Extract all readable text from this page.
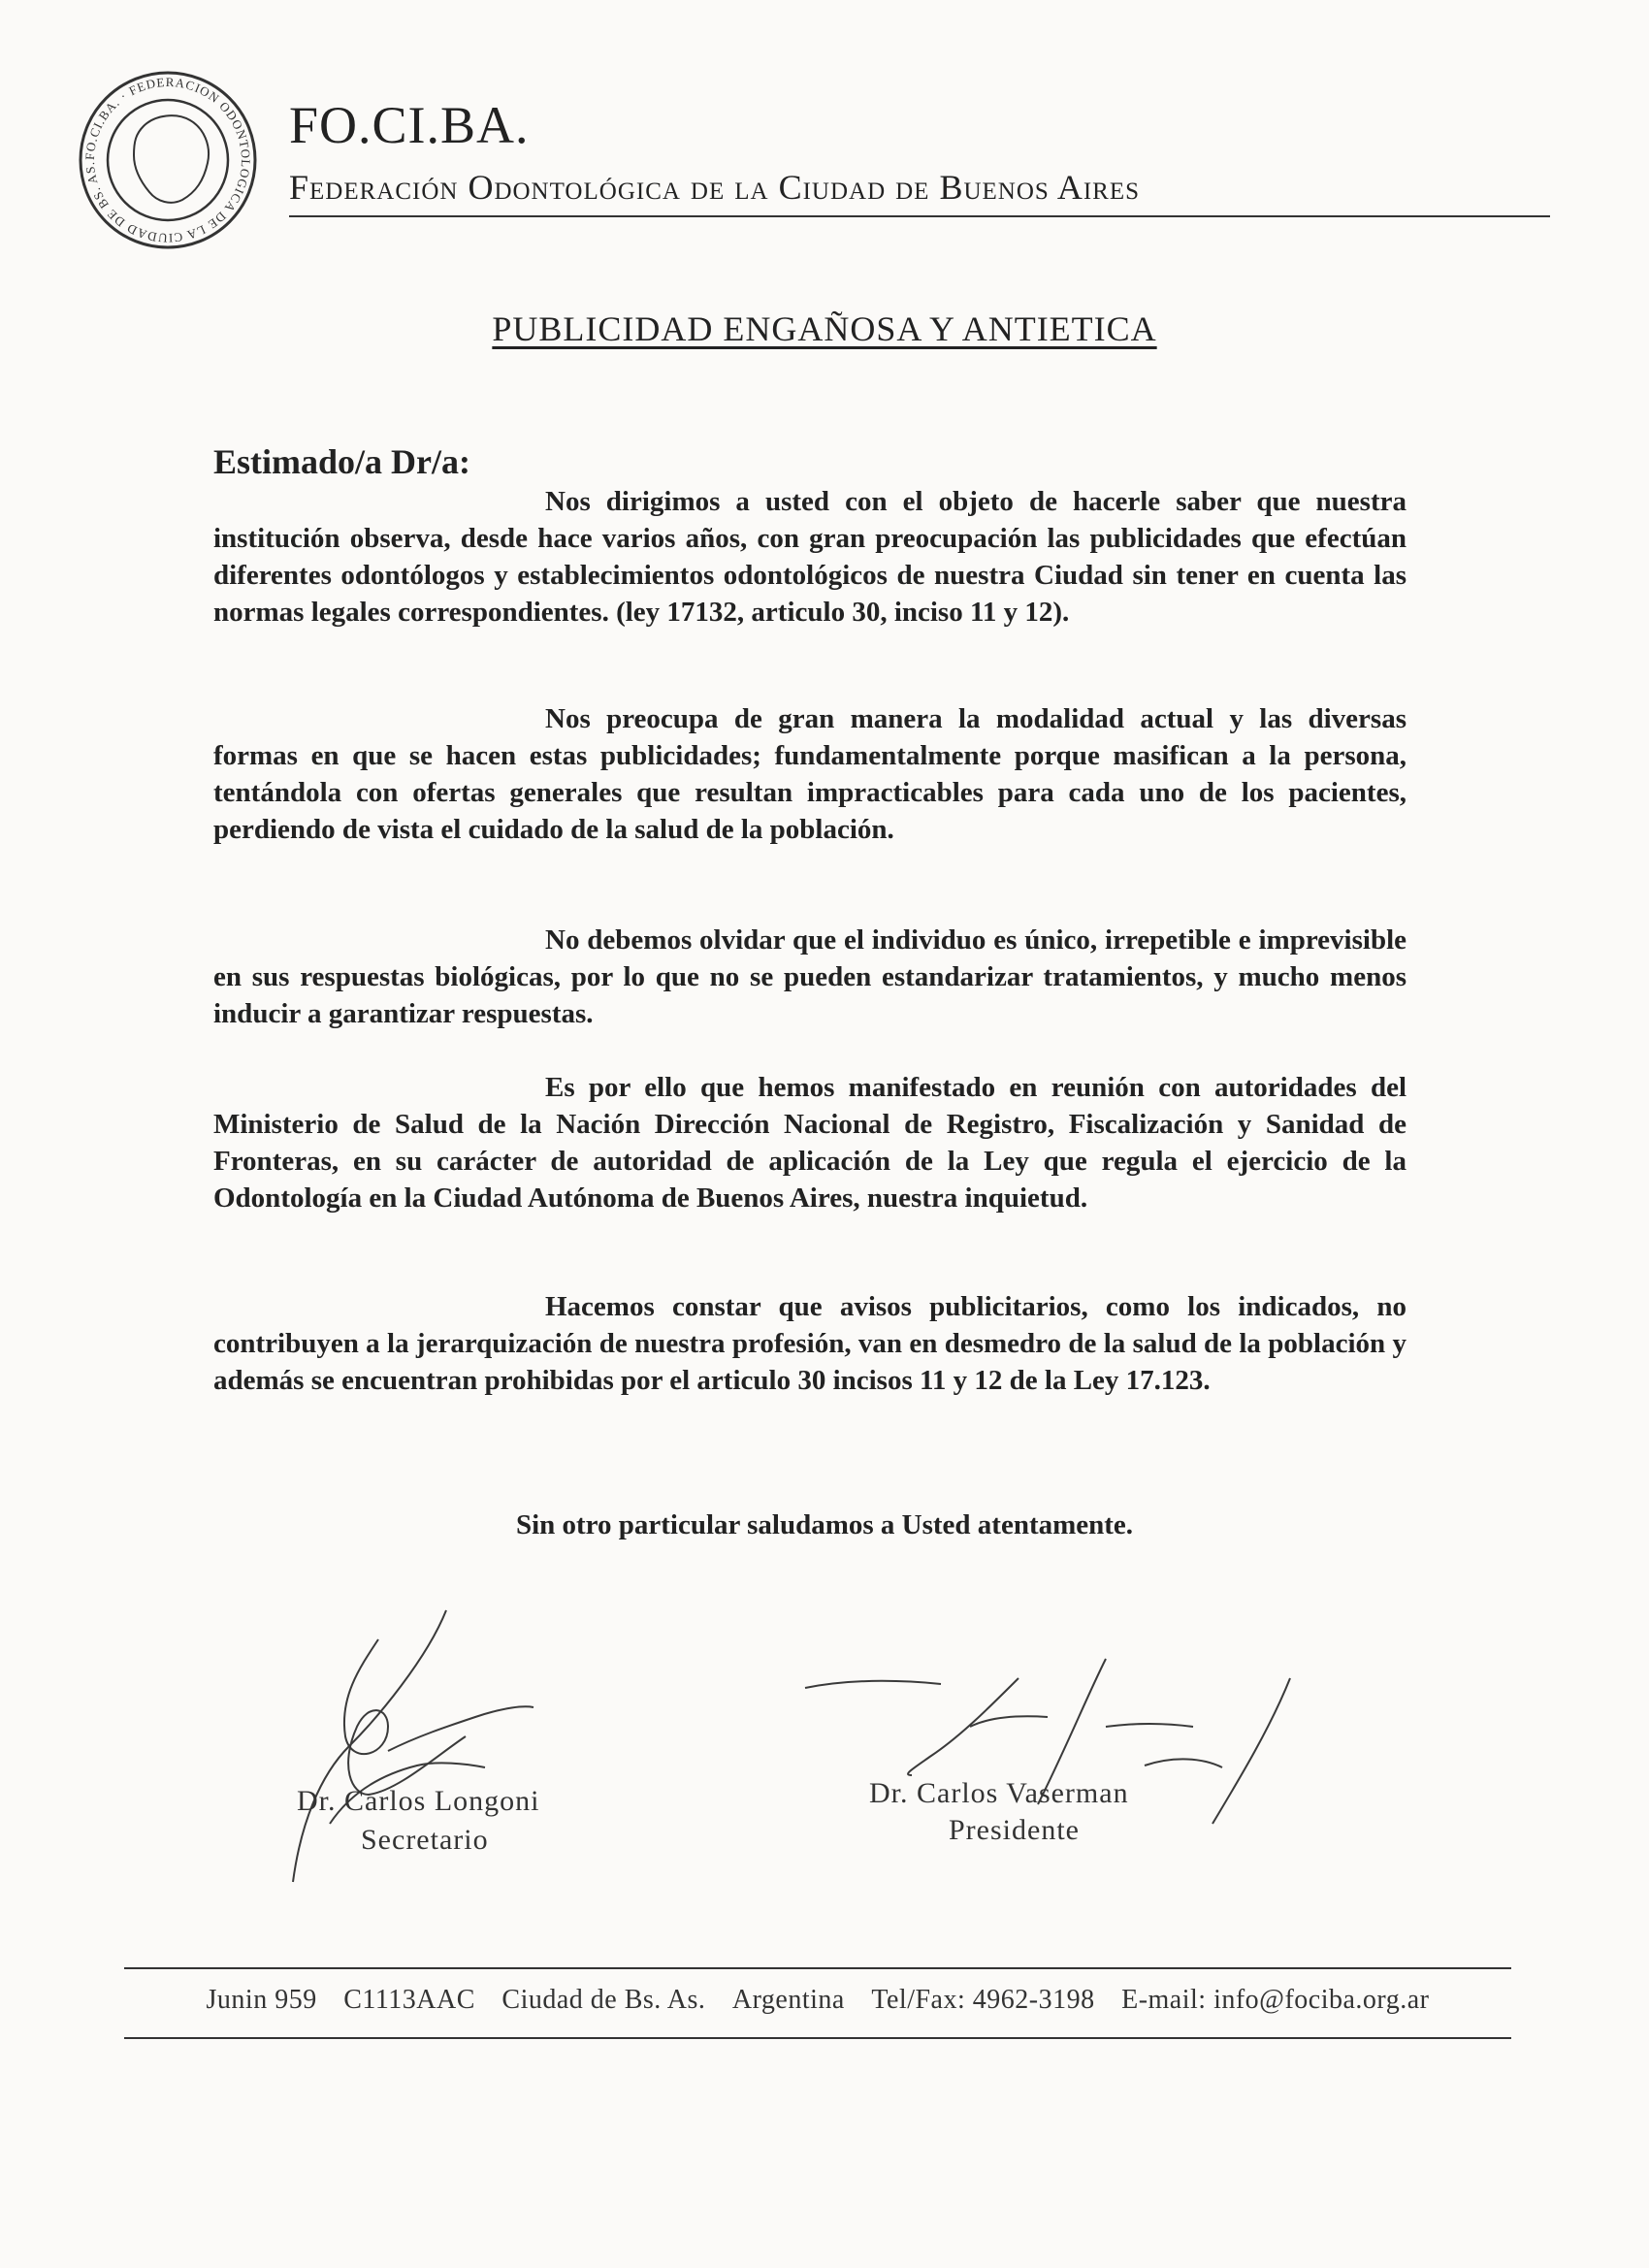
FO.CI.BA. · FEDERACION ODONTOLOGICA DE LA CIUDAD DE BS. AS.
FO.CI.BA.
Federación Odontológica de la Ciudad de Buenos Aires
PUBLICIDAD ENGAÑOSA Y ANTIETICA
Estimado/a Dr/a:

Nos dirigimos a usted con el objeto de hacerle saber que nuestra institución observa, desde hace varios años, con gran preocupación las publicidades que efectúan diferentes odontólogos y establecimientos odontológicos de nuestra Ciudad sin tener en cuenta las normas legales correspondientes. (ley 17132, articulo 30, inciso 11 y 12).

Nos preocupa de gran manera la modalidad actual y las diversas formas en que se hacen estas publicidades; fundamentalmente porque masifican a la persona, tentándola con ofertas generales que resultan impracticables para cada uno de los pacientes, perdiendo de vista el cuidado de la salud de la población.

No debemos olvidar que el individuo es único, irrepetible e imprevisible en sus respuestas biológicas, por lo que no se pueden estandarizar tratamientos, y mucho menos inducir a garantizar respuestas.

Es por ello que hemos manifestado en reunión con autoridades del Ministerio de Salud de la Nación Dirección Nacional de Registro, Fiscalización y Sanidad de Fronteras, en su carácter de autoridad de aplicación de la Ley que regula el ejercicio de la Odontología en la Ciudad Autónoma de Buenos Aires, nuestra inquietud.

Hacemos constar que avisos publicitarios, como los indicados, no contribuyen a la jerarquización de nuestra profesión, van en desmedro de la salud de la población y además se encuentran prohibidas por el articulo 30 incisos 11 y 12 de la Ley 17.123.

Sin otro particular saludamos a Usted atentamente.
Dr. Carlos Longoni
Secretario
Dr. Carlos Vaserman
Presidente
Junin 959 C1113AAC Ciudad de Bs. As. Argentina Tel/Fax: 4962-3198 E-mail: info@fociba.org.ar
